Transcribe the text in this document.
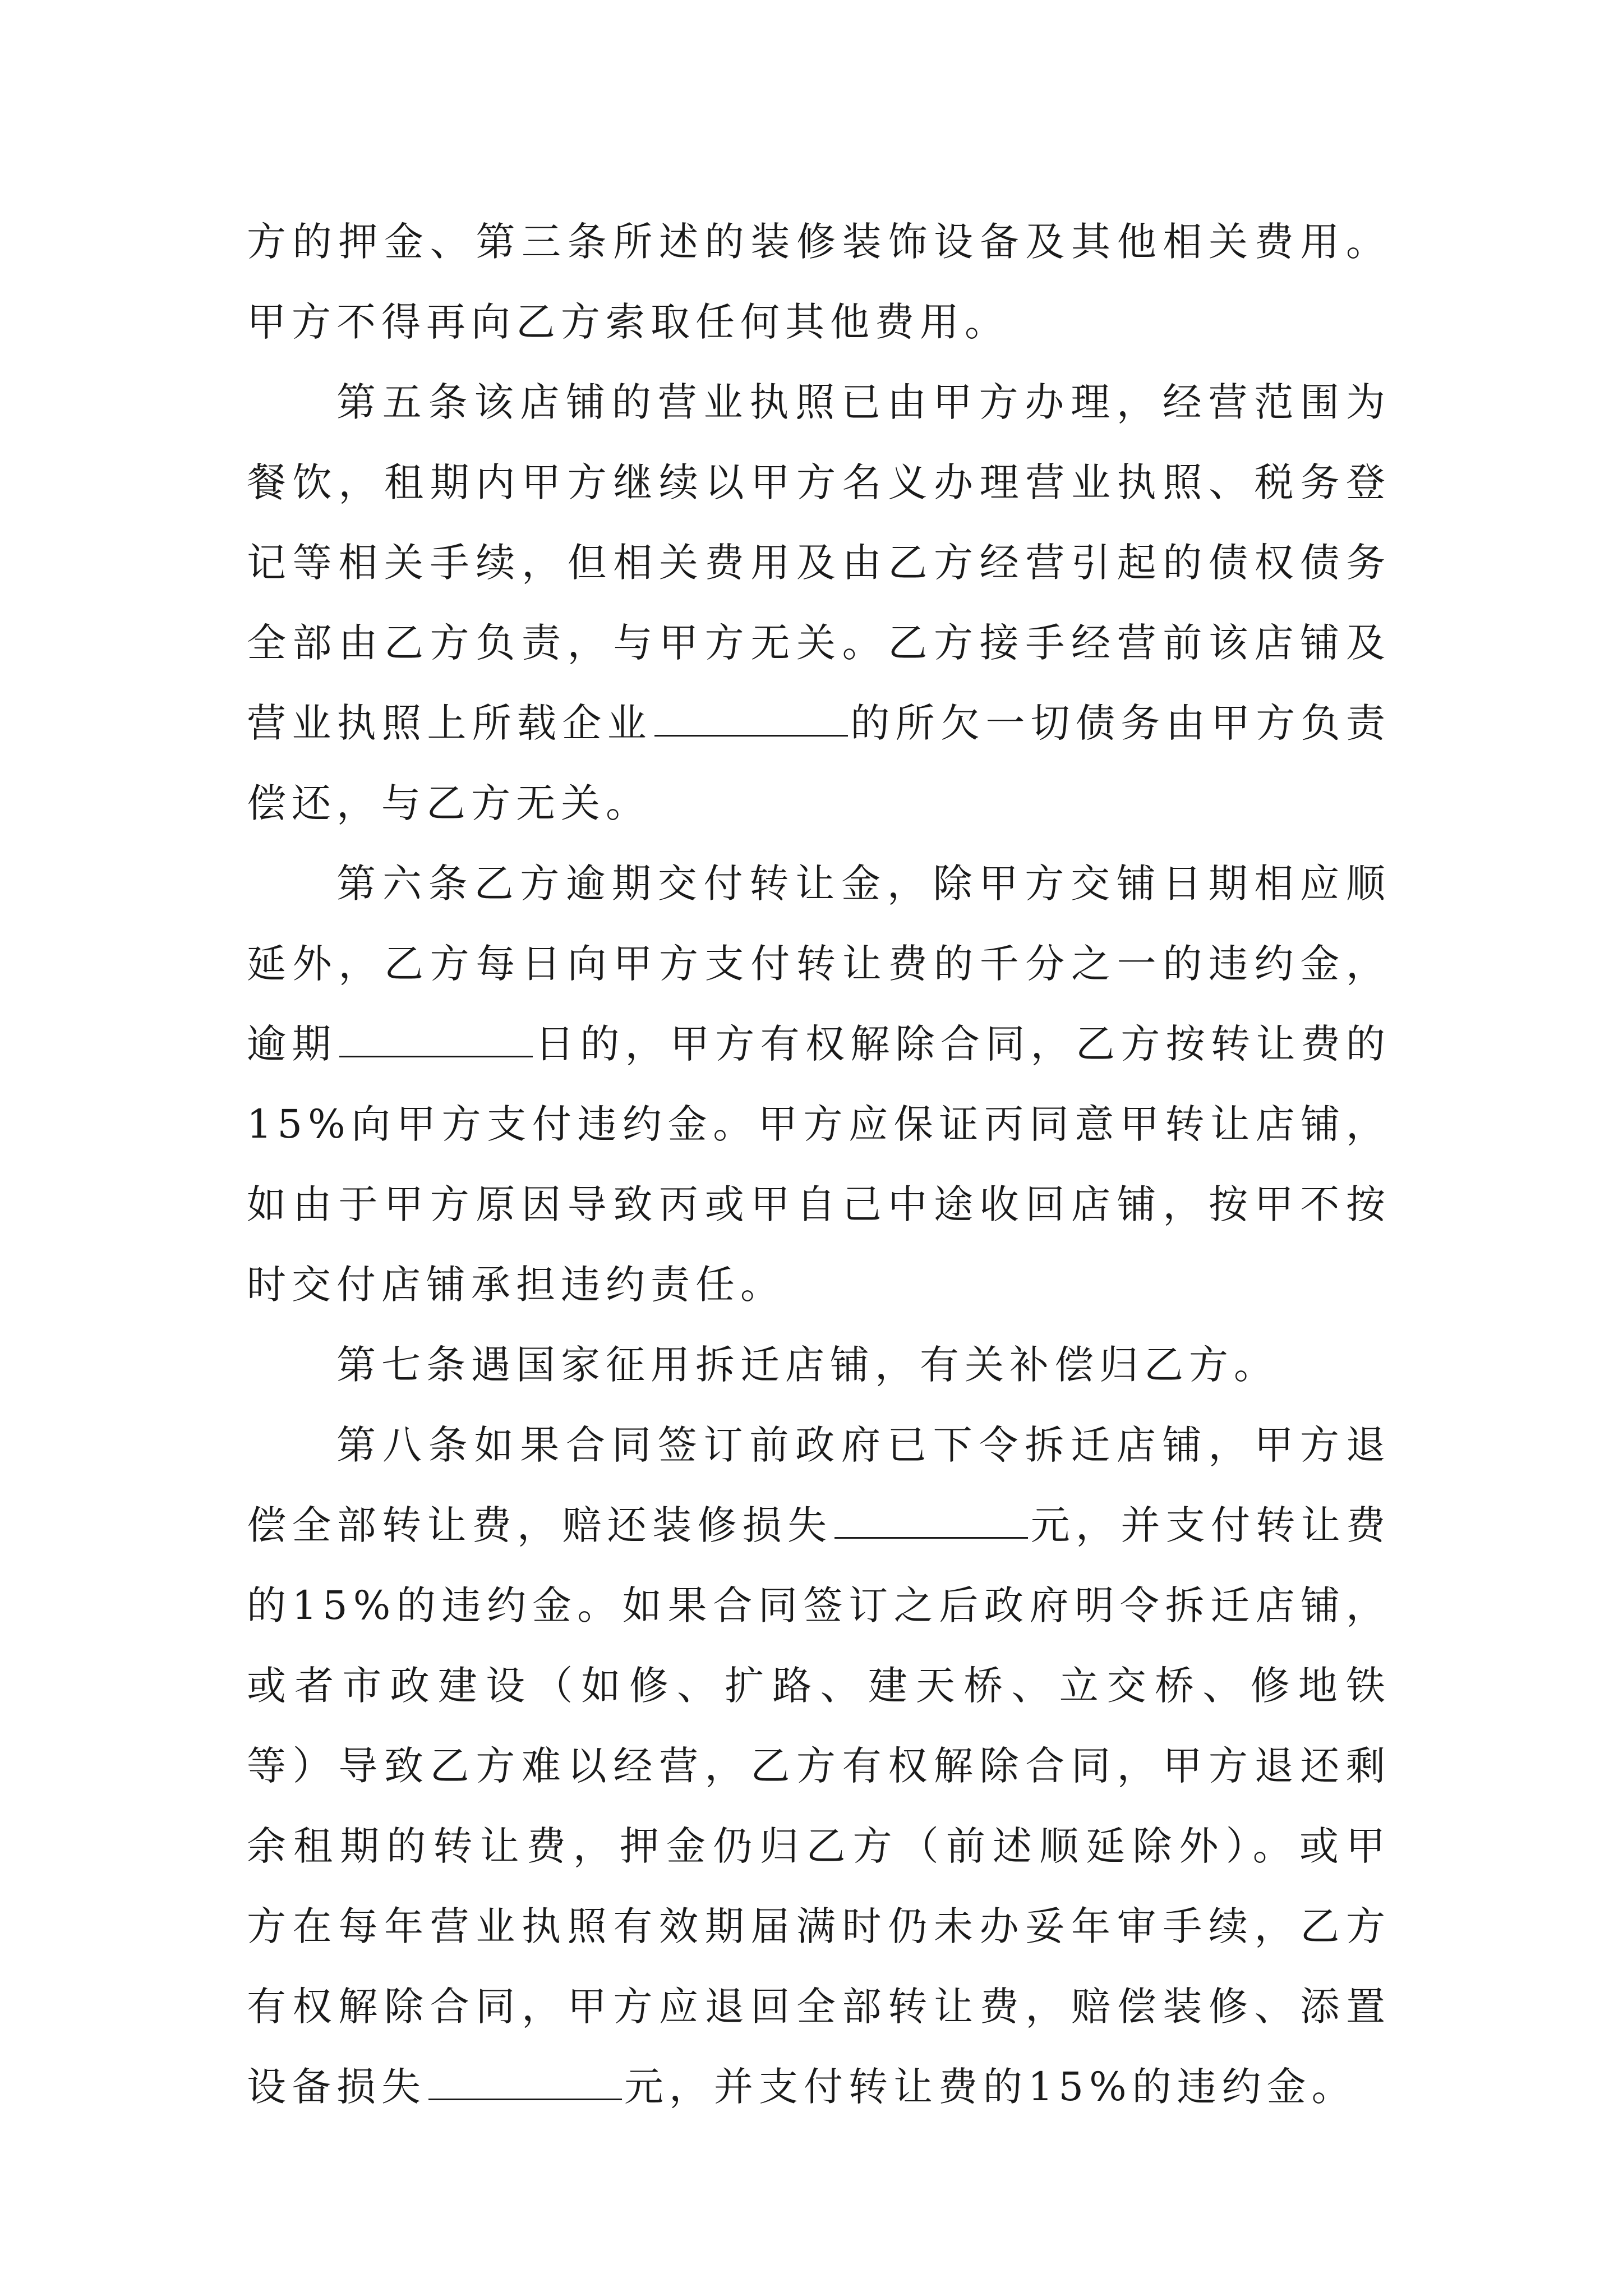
方的押金、第三条所述的装修装饰设备及其他相关费用。甲方不得再向乙方索取任何其他费用。

第五条该店铺的营业执照已由甲方办理，经营范围为餐饮，租期内甲方继续以甲方名义办理营业执照、税务登记等相关手续，但相关费用及由乙方经营引起的债权债务全部由乙方负责，与甲方无关。乙方接手经营前该店铺及营业执照上所载企业	的所欠一切债务由甲方负责偿还，与乙方无关。

第六条乙方逾期交付转让金，除甲方交铺日期相应顺延外，乙方每日向甲方支付转让费的千分之一的违约金，逾期	日的，甲方有权解除合同，乙方按转让费的15%向甲方支付违约金。甲方应保证丙同意甲转让店铺，如由于甲方原因导致丙或甲自己中途收回店铺，按甲不按时交付店铺承担违约责任。

第七条遇国家征用拆迁店铺，有关补偿归乙方。

第八条如果合同签订前政府已下令拆迁店铺，甲方退偿全部转让费，赔还装修损失	元，并支付转让费的15%的违约金。如果合同签订之后政府明令拆迁店铺，或者市政建设（如修、扩路、建天桥、立交桥、修地铁等）导致乙方难以经营，乙方有权解除合同，甲方退还剩余租期的转让费，押金仍归乙方（前述顺延除外）。或甲方在每年营业执照有效期届满时仍未办妥年审手续，乙方有权解除合同，甲方应退回全部转让费，赔偿装修、添置设备损失	元，并支付转让费的15%的违约金。
